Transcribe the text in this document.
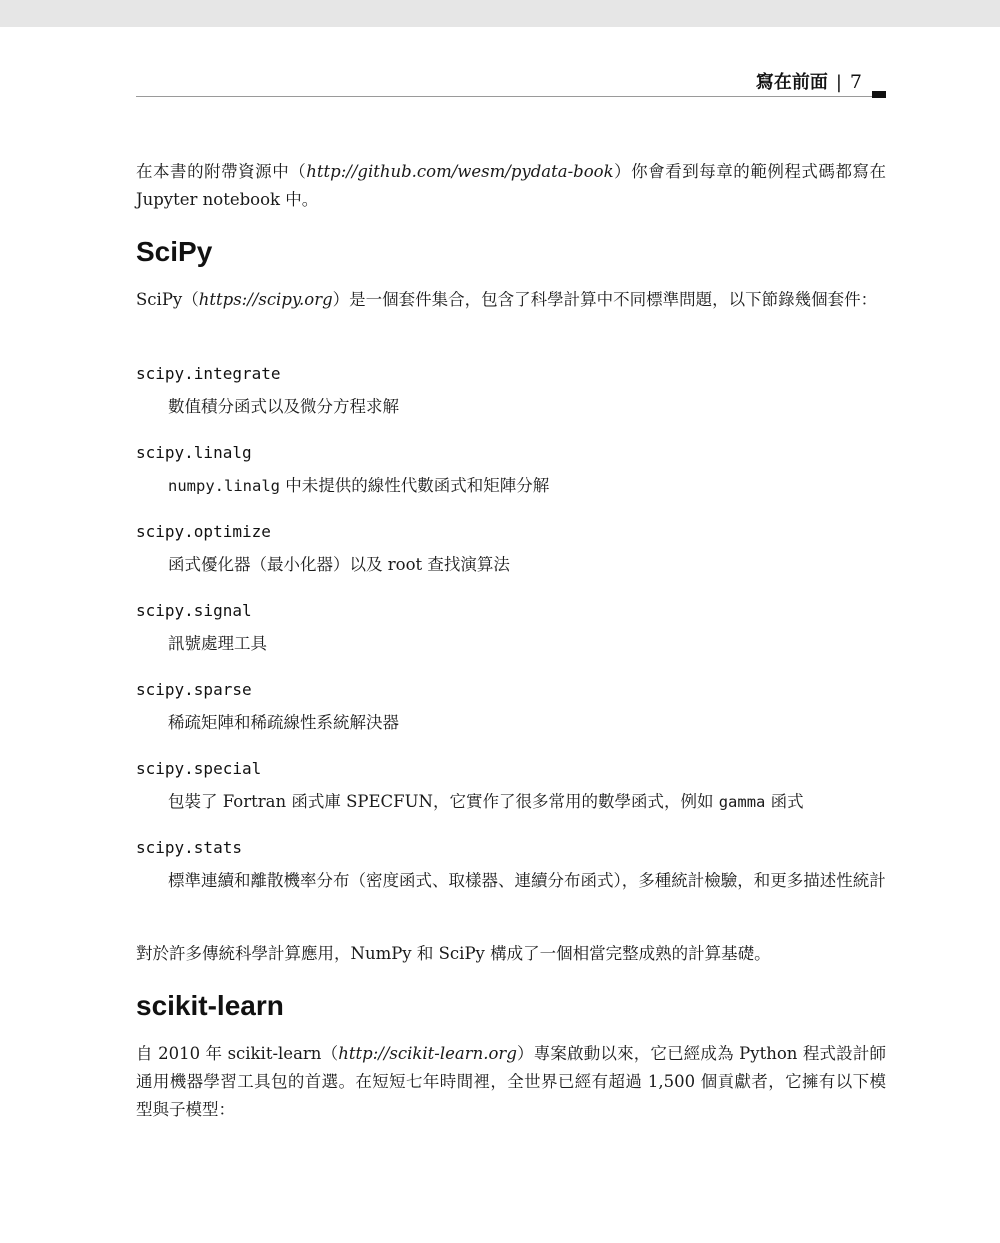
寫在前面 | 7

在本書的附帶資源中（http://github.com/wesm/pydata-book）你會看到每章的範例程式碼都寫在 Jupyter notebook 中。

SciPy

SciPy（https://scipy.org）是一個套件集合，包含了科學計算中不同標準問題，以下節錄幾個套件：

scipy.integrate
數值積分函式以及微分方程求解
scipy.linalg
numpy.linalg 中未提供的線性代數函式和矩陣分解
scipy.optimize
函式優化器（最小化器）以及 root 查找演算法
scipy.signal
訊號處理工具
scipy.sparse
稀疏矩陣和稀疏線性系統解決器
scipy.special
包裝了 Fortran 函式庫 SPECFUN，它實作了很多常用的數學函式，例如 gamma 函式
scipy.stats
標準連續和離散機率分布（密度函式、取樣器、連續分布函式），多種統計檢驗，和更多描述性統計

對於許多傳統科學計算應用，NumPy 和 SciPy 構成了一個相當完整成熟的計算基礎。

scikit-learn

自 2010 年 scikit-learn（http://scikit-learn.org）專案啟動以來，它已經成為 Python 程式設計師通用機器學習工具包的首選。在短短七年時間裡，全世界已經有超過 1,500 個貢獻者，它擁有以下模型與子模型：
